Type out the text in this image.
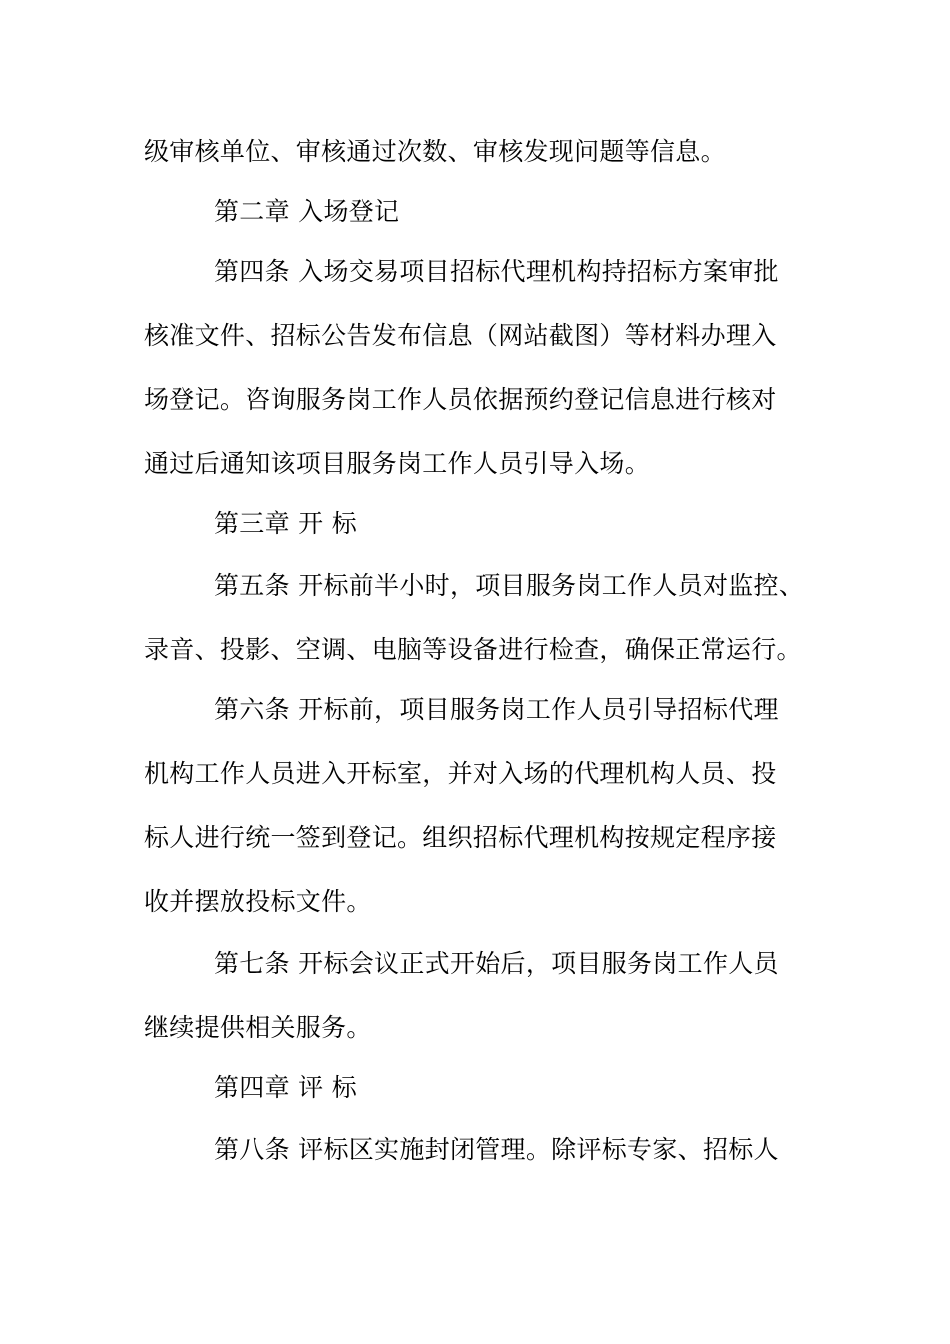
级审核单位、审核通过次数、审核发现问题等信息。
第二章 入场登记
第四条 入场交易项目招标代理机构持招标方案审批
核准文件、招标公告发布信息（网站截图）等材料办理入
场登记。咨询服务岗工作人员依据预约登记信息进行核对
通过后通知该项目服务岗工作人员引导入场。
第三章 开 标
第五条 开标前半小时，项目服务岗工作人员对监控、
录音、投影、空调、电脑等设备进行检查，确保正常运行。
第六条 开标前，项目服务岗工作人员引导招标代理
机构工作人员进入开标室，并对入场的代理机构人员、投
标人进行统一签到登记。组织招标代理机构按规定程序接
收并摆放投标文件。
第七条 开标会议正式开始后，项目服务岗工作人员
继续提供相关服务。
第四章 评 标
第八条 评标区实施封闭管理。除评标专家、招标人
